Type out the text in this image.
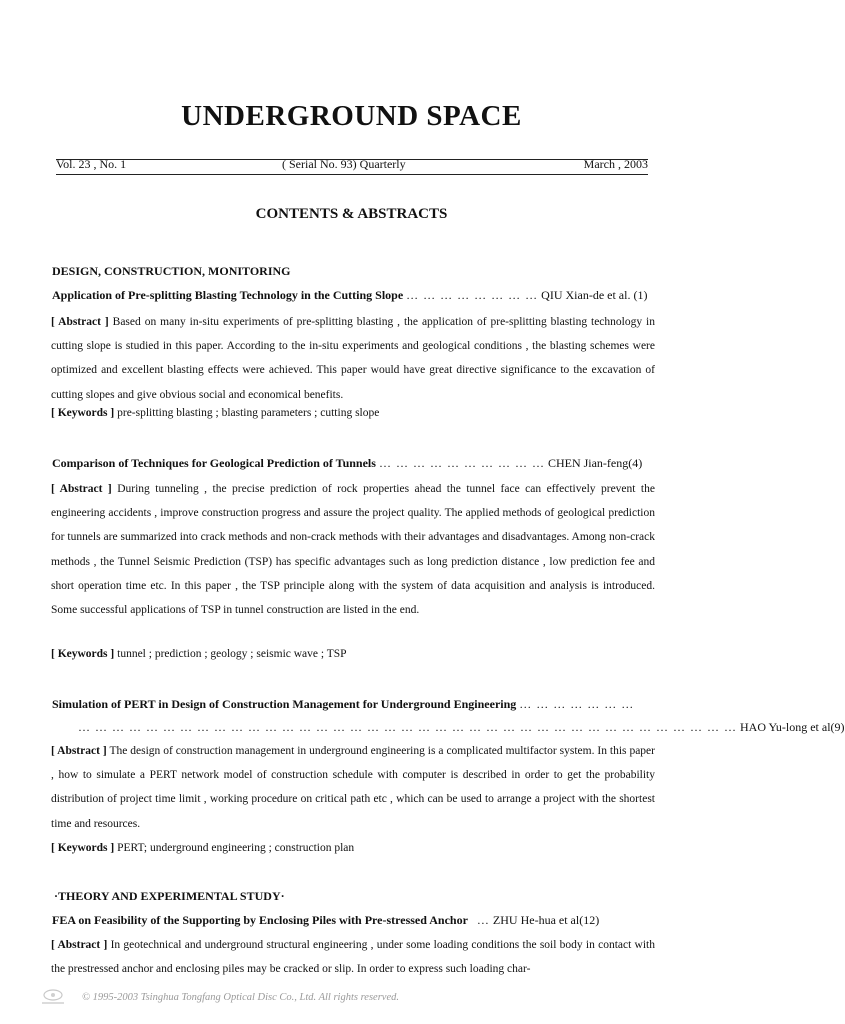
UNDERGROUND SPACE
Vol. 23 , No. 1	( Serial No. 93) Quarterly	March , 2003
CONTENTS & ABSTRACTS
DESIGN, CONSTRUCTION, MONITORING
Application of Pre-splitting Blasting Technology in the Cutting Slope … … … … … … … … QIU Xian-de et al. (1)
[ Abstract ] Based on many in-situ experiments of pre-splitting blasting , the application of pre-splitting blasting technology in cutting slope is studied in this paper. According to the in-situ experiments and geological conditions , the blasting schemes were optimized and excellent blasting effects were achieved. This paper would have great directive significance to the excavation of cutting slopes and give obvious social and economical benefits.
[ Keywords ] pre-splitting blasting ; blasting parameters ; cutting slope
Comparison of Techniques for Geological Prediction of Tunnels … … … … … … … … … … CHEN Jian-feng(4)
[ Abstract ] During tunneling , the precise prediction of rock properties ahead the tunnel face can effectively prevent the engineering accidents , improve construction progress and assure the project quality. The applied methods of geological prediction for tunnels are summarized into crack methods and non-crack methods with their advantages and disadvantages. Among non-crack methods , the Tunnel Seismic Prediction (TSP) has specific advantages such as long prediction distance , low prediction fee and short operation time etc. In this paper , the TSP principle along with the system of data acquisition and analysis is introduced. Some successful applications of TSP in tunnel construction are listed in the end.
[ Keywords ] tunnel ; prediction ; geology ; seismic wave ; TSP
Simulation of PERT in Design of Construction Management for Underground Engineering … … … … … … …
… … … … … … … … … … … … … … … … … … … … … … … … … … … … … … … … … … … … … … … HAO Yu-long et al(9)
[ Abstract ] The design of construction management in underground engineering is a complicated multifactor system. In this paper , how to simulate a PERT network model of construction schedule with computer is described in order to get the probability distribution of project time limit , working procedure on critical path etc , which can be used to arrange a project with the shortest time and resources.
[ Keywords ] PERT; underground engineering ; construction plan
·THEORY AND EXPERIMENTAL STUDY·
FEA on Feasibility of the Supporting by Enclosing Piles with Pre-stressed Anchor … ZHU He-hua et al(12)
[ Abstract ] In geotechnical and underground structural engineering , under some loading conditions the soil body in contact with the prestressed anchor and enclosing piles may be cracked or slip. In order to express such loading char-
© 1995-2003 Tsinghua Tongfang Optical Disc Co., Ltd. All rights reserved.
